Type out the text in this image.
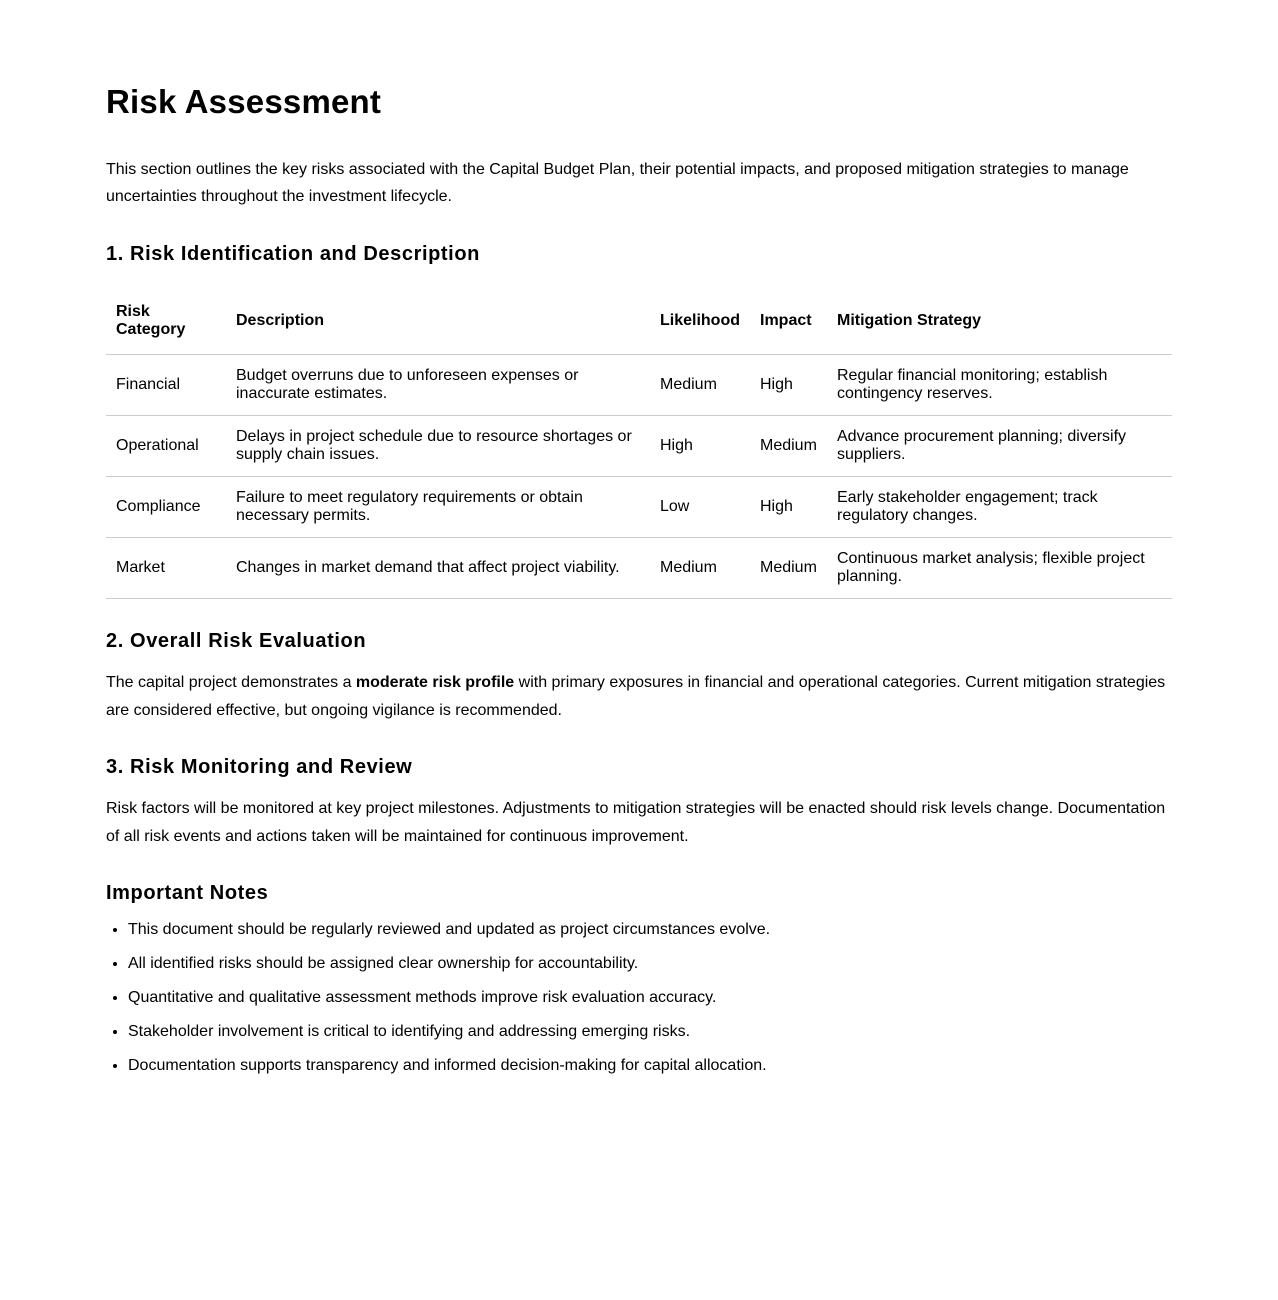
Risk Assessment

This section outlines the key risks associated with the Capital Budget Plan, their potential impacts, and proposed mitigation strategies to manage uncertainties throughout the investment lifecycle.

1. Risk Identification and Description
Risk Category	Description	Likelihood	Impact	Mitigation Strategy
Financial	Budget overruns due to unforeseen expenses or inaccurate estimates.	Medium	High	Regular financial monitoring; establish contingency reserves.
Operational	Delays in project schedule due to resource shortages or supply chain issues.	High	Medium	Advance procurement planning; diversify suppliers.
Compliance	Failure to meet regulatory requirements or obtain necessary permits.	Low	High	Early stakeholder engagement; track regulatory changes.
Market	Changes in market demand that affect project viability.	Medium	Medium	Continuous market analysis; flexible project planning.
2. Overall Risk Evaluation

The capital project demonstrates a moderate risk profile with primary exposures in financial and operational categories. Current mitigation strategies are considered effective, but ongoing vigilance is recommended.

3. Risk Monitoring and Review

Risk factors will be monitored at key project milestones. Adjustments to mitigation strategies will be enacted should risk levels change. Documentation of all risk events and actions taken will be maintained for continuous improvement.

Important Notes
• This document should be regularly reviewed and updated as project circumstances evolve.
• All identified risks should be assigned clear ownership for accountability.
• Quantitative and qualitative assessment methods improve risk evaluation accuracy.
• Stakeholder involvement is critical to identifying and addressing emerging risks.
• Documentation supports transparency and informed decision-making for capital allocation.
